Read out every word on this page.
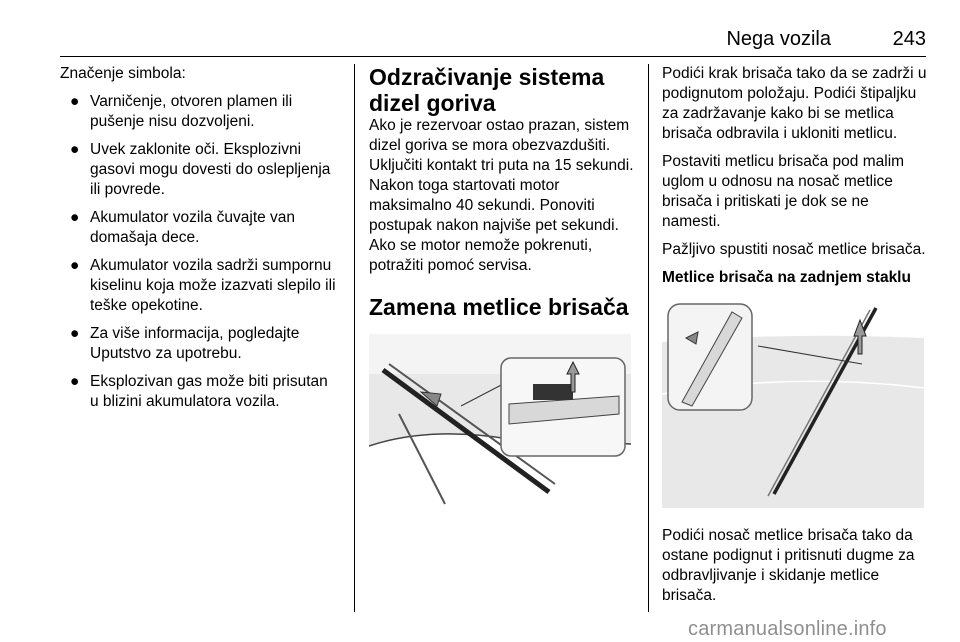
Nega vozila	243

Značenje simbola:

● Varničenje, otvoren plamen ili pušenje nisu dozvoljeni.
● Uvek zaklonite oči. Eksplozivni gasovi mogu dovesti do oslepljenja ili povrede.
● Akumulator vozila čuvajte van domašaja dece.
● Akumulator vozila sadrži sumpornu kiselinu koja može izazvati slepilo ili teške opekotine.
● Za više informacija, pogledajte Uputstvo za upotrebu.
● Eksplozivan gas može biti prisutan u blizini akumulatora vozila.
Odzračivanje sistema dizel goriva

Ako je rezervoar ostao prazan, sistem dizel goriva se mora obezvazdušiti. Uključiti kontakt tri puta na 15 sekundi. Nakon toga startovati motor maksimalno 40 sekundi. Ponoviti postupak nakon najviše pet sekundi. Ako se motor nemože pokrenuti, potražiti pomoć servisa.

Zamena metlice brisača

Podići krak brisača tako da se zadrži u podignutom položaju. Podići štipaljku za zadržavanje kako bi se metlica brisača odbravila i ukloniti metlicu.

Postaviti metlicu brisača pod malim uglom u odnosu na nosač metlice brisača i pritiskati je dok se ne namesti.

Pažljivo spustiti nosač metlice brisača.

Metlice brisača na zadnjem staklu

Podići nosač metlice brisača tako da ostane podignut i pritisnuti dugme za odbravljivanje i skidanje metlice brisača.

carmanualsonline.info
